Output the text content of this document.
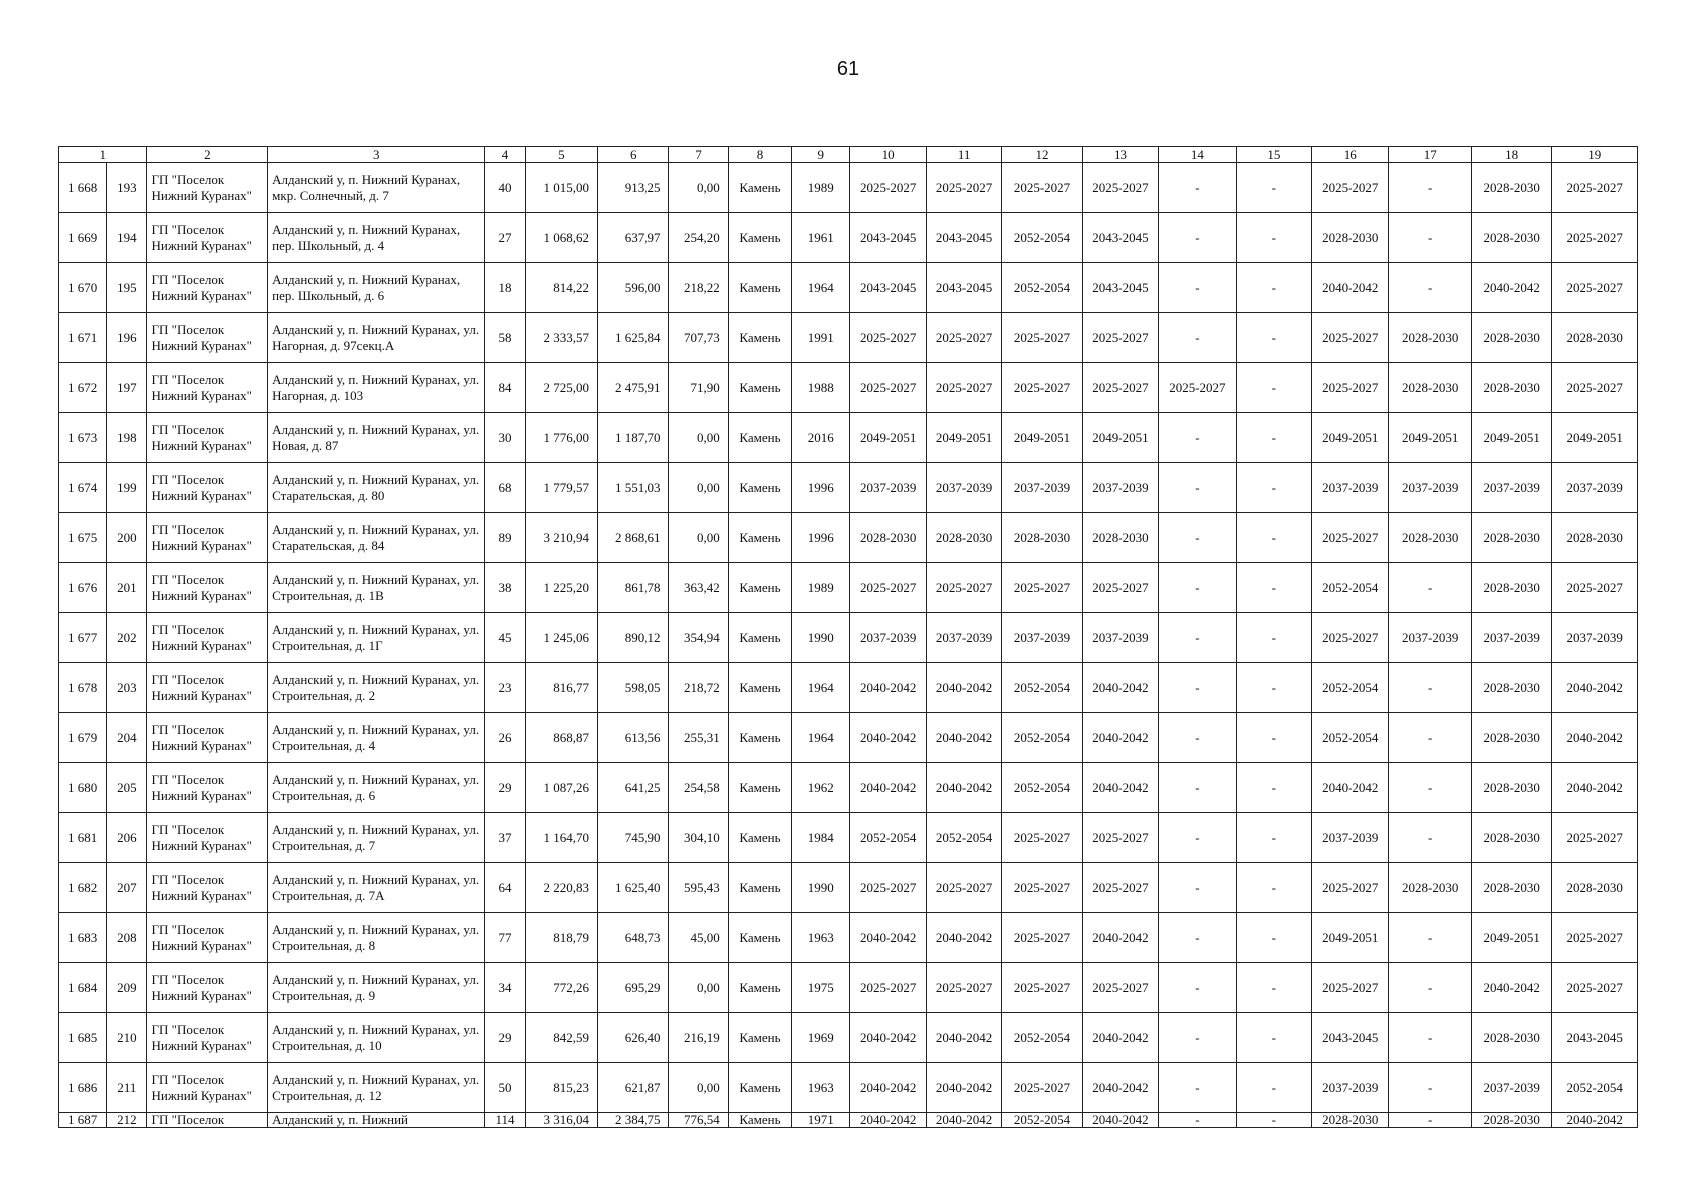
61
1		2	3	4	5	6	7	8	9	10	11	12	13	14	15	16	17	18	19
1 668	193	ГП "Поселок Нижний Куранах"	Алданский у, п. Нижний Куранах, мкр. Солнечный, д. 7	40	1 015,00	913,25	0,00	Камень	1989	2025-2027	2025-2027	2025-2027	2025-2027	-	-	2025-2027	-	2028-2030	2025-2027
1 669	194	ГП "Поселок Нижний Куранах"	Алданский у, п. Нижний Куранах, пер. Школьный, д. 4	27	1 068,62	637,97	254,20	Камень	1961	2043-2045	2043-2045	2052-2054	2043-2045	-	-	2028-2030	-	2028-2030	2025-2027
1 670	195	ГП "Поселок Нижний Куранах"	Алданский у, п. Нижний Куранах, пер. Школьный, д. 6	18	814,22	596,00	218,22	Камень	1964	2043-2045	2043-2045	2052-2054	2043-2045	-	-	2040-2042	-	2040-2042	2025-2027
1 671	196	ГП "Поселок Нижний Куранах"	Алданский у, п. Нижний Куранах, ул. Нагорная, д. 97секц.А	58	2 333,57	1 625,84	707,73	Камень	1991	2025-2027	2025-2027	2025-2027	2025-2027	-	-	2025-2027	2028-2030	2028-2030	2028-2030
1 672	197	ГП "Поселок Нижний Куранах"	Алданский у, п. Нижний Куранах, ул. Нагорная, д. 103	84	2 725,00	2 475,91	71,90	Камень	1988	2025-2027	2025-2027	2025-2027	2025-2027	2025-2027	-	2025-2027	2028-2030	2028-2030	2025-2027
1 673	198	ГП "Поселок Нижний Куранах"	Алданский у, п. Нижний Куранах, ул. Новая, д. 87	30	1 776,00	1 187,70	0,00	Камень	2016	2049-2051	2049-2051	2049-2051	2049-2051	-	-	2049-2051	2049-2051	2049-2051	2049-2051
1 674	199	ГП "Поселок Нижний Куранах"	Алданский у, п. Нижний Куранах, ул. Старательская, д. 80	68	1 779,57	1 551,03	0,00	Камень	1996	2037-2039	2037-2039	2037-2039	2037-2039	-	-	2037-2039	2037-2039	2037-2039	2037-2039
1 675	200	ГП "Поселок Нижний Куранах"	Алданский у, п. Нижний Куранах, ул. Старательская, д. 84	89	3 210,94	2 868,61	0,00	Камень	1996	2028-2030	2028-2030	2028-2030	2028-2030	-	-	2025-2027	2028-2030	2028-2030	2028-2030
1 676	201	ГП "Поселок Нижний Куранах"	Алданский у, п. Нижний Куранах, ул. Строительная, д. 1В	38	1 225,20	861,78	363,42	Камень	1989	2025-2027	2025-2027	2025-2027	2025-2027	-	-	2052-2054	-	2028-2030	2025-2027
1 677	202	ГП "Поселок Нижний Куранах"	Алданский у, п. Нижний Куранах, ул. Строительная, д. 1Г	45	1 245,06	890,12	354,94	Камень	1990	2037-2039	2037-2039	2037-2039	2037-2039	-	-	2025-2027	2037-2039	2037-2039	2037-2039
1 678	203	ГП "Поселок Нижний Куранах"	Алданский у, п. Нижний Куранах, ул. Строительная, д. 2	23	816,77	598,05	218,72	Камень	1964	2040-2042	2040-2042	2052-2054	2040-2042	-	-	2052-2054	-	2028-2030	2040-2042
1 679	204	ГП "Поселок Нижний Куранах"	Алданский у, п. Нижний Куранах, ул. Строительная, д. 4	26	868,87	613,56	255,31	Камень	1964	2040-2042	2040-2042	2052-2054	2040-2042	-	-	2052-2054	-	2028-2030	2040-2042
1 680	205	ГП "Поселок Нижний Куранах"	Алданский у, п. Нижний Куранах, ул. Строительная, д. 6	29	1 087,26	641,25	254,58	Камень	1962	2040-2042	2040-2042	2052-2054	2040-2042	-	-	2040-2042	-	2028-2030	2040-2042
1 681	206	ГП "Поселок Нижний Куранах"	Алданский у, п. Нижний Куранах, ул. Строительная, д. 7	37	1 164,70	745,90	304,10	Камень	1984	2052-2054	2052-2054	2025-2027	2025-2027	-	-	2037-2039	-	2028-2030	2025-2027
1 682	207	ГП "Поселок Нижний Куранах"	Алданский у, п. Нижний Куранах, ул. Строительная, д. 7А	64	2 220,83	1 625,40	595,43	Камень	1990	2025-2027	2025-2027	2025-2027	2025-2027	-	-	2025-2027	2028-2030	2028-2030	2028-2030
1 683	208	ГП "Поселок Нижний Куранах"	Алданский у, п. Нижний Куранах, ул. Строительная, д. 8	77	818,79	648,73	45,00	Камень	1963	2040-2042	2040-2042	2025-2027	2040-2042	-	-	2049-2051	-	2049-2051	2025-2027
1 684	209	ГП "Поселок Нижний Куранах"	Алданский у, п. Нижний Куранах, ул. Строительная, д. 9	34	772,26	695,29	0,00	Камень	1975	2025-2027	2025-2027	2025-2027	2025-2027	-	-	2025-2027	-	2040-2042	2025-2027
1 685	210	ГП "Поселок Нижний Куранах"	Алданский у, п. Нижний Куранах, ул. Строительная, д. 10	29	842,59	626,40	216,19	Камень	1969	2040-2042	2040-2042	2052-2054	2040-2042	-	-	2043-2045	-	2028-2030	2043-2045
1 686	211	ГП "Поселок Нижний Куранах"	Алданский у, п. Нижний Куранах, ул. Строительная, д. 12	50	815,23	621,87	0,00	Камень	1963	2040-2042	2040-2042	2025-2027	2040-2042	-	-	2037-2039	-	2037-2039	2052-2054
1 687	212	ГП "Поселок	Алданский у, п. Нижний	114	3 316,04	2 384,75	776,54	Камень	1971	2040-2042	2040-2042	2052-2054	2040-2042	-	-	2028-2030	-	2028-2030	2040-2042
